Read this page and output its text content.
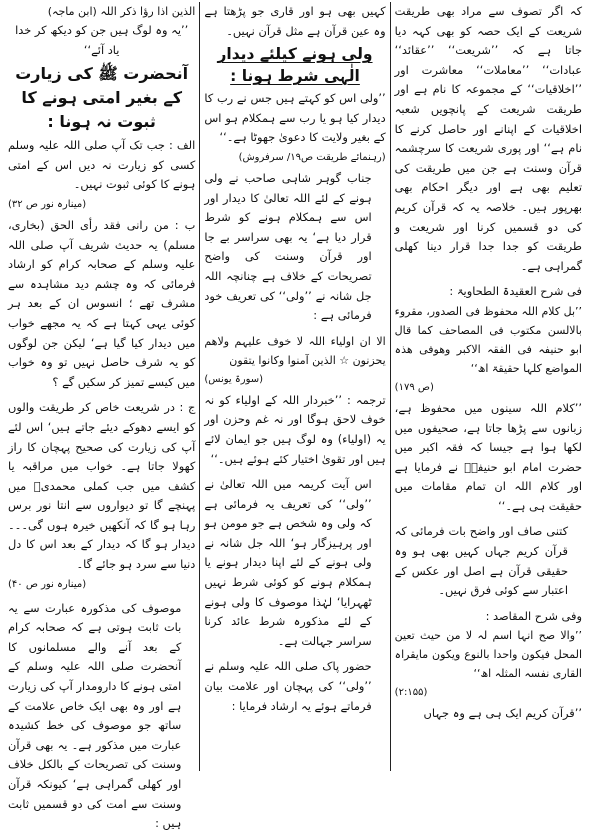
کہ اگر تصوف سے مراد بھی طریقت شریعت کے ایک حصہ کو بھی کہہ دیا جاتا ہے کہ ’’شریعت‘‘ ’’عقائد‘‘ عبادات‘‘ ’’معاملات‘‘ معاشرت اور ’’اخلاقیات‘‘ کے مجموعہ کا نام ہے اور طریقت شریعت کے پانچویں شعبہ اخلاقیات کے اپنانے اور حاصل کرنے کا نام ہے‘‘ اور پوری شریعت کا سرچشمہ قرآن وسنت ہے جن میں طریقت کی تعلیم بھی ہے اور دیگر احکام بھی بھرپور ہیں۔ خلاصہ یہ کہ قرآن کریم کی دو قسمیں کرنا اور شریعت و طریقت کو جدا جدا قرار دینا کھلی گمراہی ہے۔

فی شرح العقیدۃ الطحاویۃ :

’’بل کلام اللہ محفوظ فی الصدور، مقروء بالالسن مکتوب فی المصاحف کما قال ابو حنیفہ فی الفقہ الاکبر وھوفی ھذہ المواضع کلہا حقیقۃ اھ‘‘

(ص ١٧٩)

’’کلام اللہ سینوں میں محفوظ ہے، زبانوں سے پڑھا جاتا ہے، صحیفوں میں لکھا ہوا ہے جیسا کہ فقہ اکبر میں حضرت امام ابو حنیفہؒ نے فرمایا ہے اور کلام اللہ ان تمام مقامات میں حقیقت ہی ہے۔‘‘

کتنی صاف اور واضح بات فرمائی کہ قرآن کریم جہاں کہیں بھی ہو وہ حقیقی قرآن ہے اصل اور عکس کے اعتبار سے کوئی فرق نہیں۔

وفی شرح المقاصد :

’’والا صح انہا اسم لہ لا من حیث تعین المحل فیکون واحدا بالنوع ویکون مایقراہ القاری نفسہ المثلہ اھ‘‘

(۲:۱۵۵)

’’قرآن کریم ایک ہی ہے وہ جہاں

کہیں بھی ہو اور قاری جو پڑھتا ہے وہ عین قرآن ہے مثل قرآن نہیں۔

ولی ہونے کیلئے دیدار الٰہی شرط ہونا :

’’ولی اس کو کہتے ہیں جس نے رب کا دیدار کیا ہو یا رب سے ہمکلام ہو اس کے بغیر ولایت کا دعویٰ جھوٹا ہے۔‘‘

(رہنمائے طریقت ص١٩/ سرفروش)

جناب گوہر شاہی صاحب نے ولی ہونے کے لئے اللہ تعالیٰ کا دیدار اور اس سے ہمکلام ہونے کو شرط قرار دیا ہے‘ یہ بھی سراسر بے جا اور قرآن وسنت کی واضح تصریحات کے خلاف ہے چنانچہ اللہ جل شانہ نے ’’ولی‘‘ کی تعریف خود فرمائی ہے :

الا ان اولیاء اللہ لا خوف علیہم ولاھم یحزنون ☆ الذین آمنوا وکانوا یتقون

(سورۃ یونس)

ترجمہ : ’’خبردار اللہ کے اولیاء کو نہ خوف لاحق ہوگا اور نہ غم وحزن اور یہ (اولیاء) وہ لوگ ہیں جو ایمان لائے ہیں اور تقویٰ اختیار کئے ہوئے ہیں۔‘‘

اس آیت کریمہ میں اللہ تعالیٰ نے ’’ولی‘‘ کی تعریف یہ فرمائی ہے کہ ولی وہ شخص ہے جو مومن ہو اور پرہیزگار ہو‘ اللہ جل شانہ نے ولی ہونے کے لئے اپنا دیدار ہونے یا ہمکلام ہونے کو کوئی شرط نہیں ٹھہرایا‘ لہٰذا موصوف کا ولی ہونے کے لئے مذکورہ شرط عائد کرنا سراسر جہالت ہے۔

حضور پاک صلی اللہ علیہ وسلم نے ’’ولی‘‘ کی پہچان اور علامت بیان فرماتے ہوئے یہ ارشاد فرمایا :

الذین اذا رؤا ذکر اللہ (ابن ماجہ)

’’یہ وہ لوگ ہیں جن کو دیکھ کر خدا یاد آئے‘‘

آنحضرت ﷺ کی زیارت کے بغیر امتی ہونے کا ثبوت نہ ہونا :

الف : جب تک آپ صلی اللہ علیہ وسلم کسی کو زیارت نہ دیں اس کے امتی ہونے کا کوئی ثبوت نہیں۔

(مینارہ نور ص ۳۲)

ب : من رانی فقد رأی الحق (بخاری، مسلم) یہ حدیث شریف آپ صلی اللہ علیہ وسلم کے صحابہ کرام کو ارشاد فرمائی کہ وہ چشم دید مشاہدہ سے مشرف تھے ؛ انسوس ان کے بعد ہر کوئی یہی کہتا ہے کہ یہ مجھے خواب میں دیدار کیا گیا ہے‘ لیکن جن لوگوں کو یہ شرف حاصل نہیں تو وہ خواب میں کیسے تمیز کر سکیں گے ؟

ج : در شریعت خاص کر طریقت والوں کو ایسے دھوکے دیئے جاتے ہیں‘ اس لئے آپ کی زیارت کی صحیح پہچان کا راز کھولا جاتا ہے۔ خواب میں مراقبہ یا کشف میں جب کملی محمدیؐ میں پہنچے گا تو دیواروں سے انتا نور برس رہا ہو گا کہ آنکھیں خیرہ ہوں گی۔۔۔ دیدار ہو گا کہ دیدار کے بعد اس کا دل دنیا سے سرد ہو جائے گا۔

(مینارہ نور ص ۴۰)

موصوف کی مذکورہ عبارت سے یہ بات ثابت ہوتی ہے کہ صحابہ کرام کے بعد آنے والے مسلمانوں کا آنحضرت صلی اللہ علیہ وسلم کے امتی ہونے کا دارومدار آپ کی زیارت ہے اور وہ بھی ایک خاص علامت کے ساتھ جو موصوف کی خط کشیدہ عبارت میں مذکور ہے۔ یہ بھی قرآن وسنت کی تصریحات کے بالکل خلاف اور کھلی گمراہی ہے‘ کیونکہ قرآن وسنت سے امت کی دو قسمیں ثابت ہیں :
